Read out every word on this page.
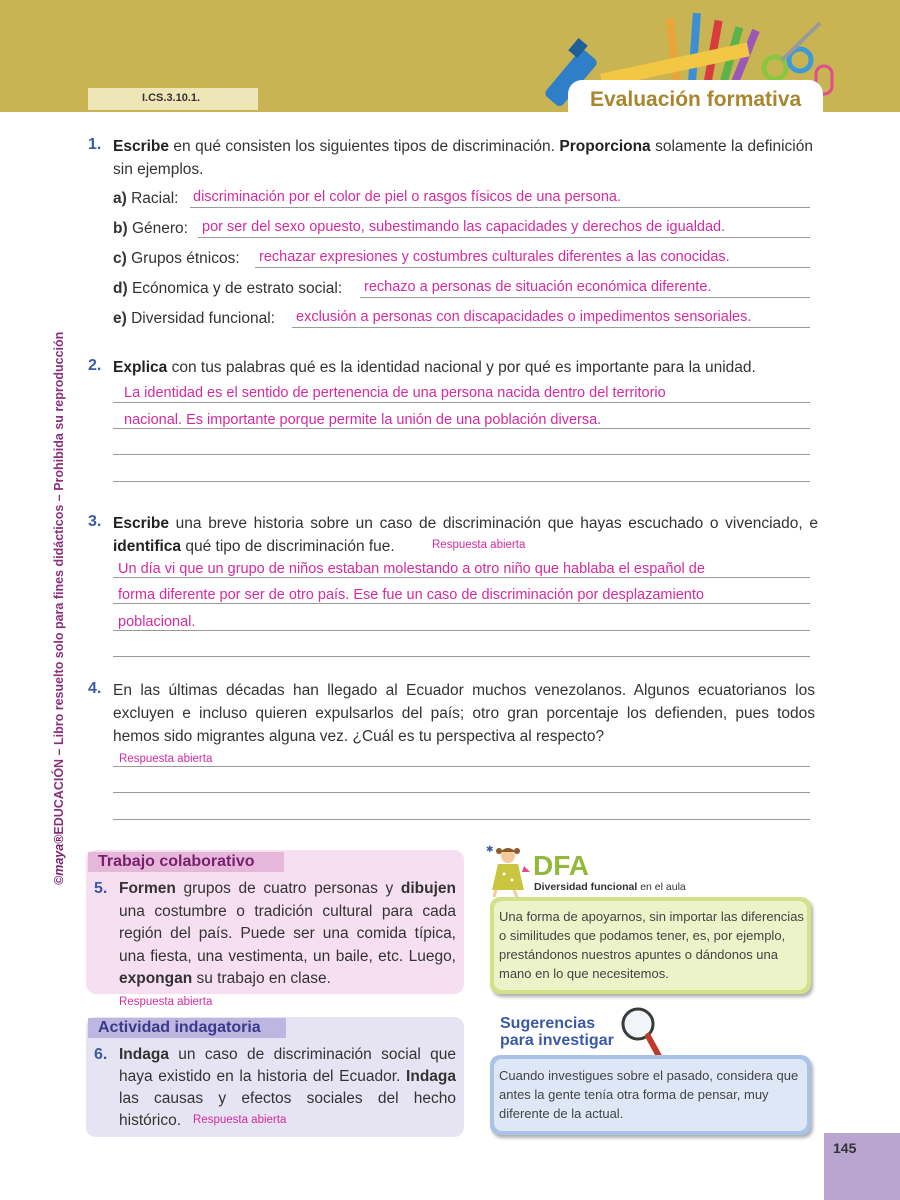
I.CS.3.10.1.	Evaluación formativa
©maya®EDUCACIÓN – Libro resuelto solo para fines didácticos – Prohibida su reproducción
1. Escribe en qué consisten los siguientes tipos de discriminación. Proporciona solamente la definición sin ejemplos.
a) Racial: discriminación por el color de piel o rasgos físicos de una persona.
b) Género: por ser del sexo opuesto, subestimando las capacidades y derechos de igualdad.
c) Grupos étnicos: rechazar expresiones y costumbres culturales diferentes a las conocidas.
d) Ecónomica y de estrato social: rechazo a personas de situación económica diferente.
e) Diversidad funcional: exclusión a personas con discapacidades o impedimentos sensoriales.
2. Explica con tus palabras qué es la identidad nacional y por qué es importante para la unidad.
La identidad es el sentido de pertenencia de una persona nacida dentro del territorio
nacional. Es importante porque permite la unión de una población diversa.
3. Escribe una breve historia sobre un caso de discriminación que hayas escuchado o vivenciado, e identifica qué tipo de discriminación fue.	Respuesta abierta
Un día vi que un grupo de niños estaban molestando a otro niño que hablaba el español de
forma diferente por ser de otro país. Ese fue un caso de discriminación por desplazamiento
poblacional.
4. En las últimas décadas han llegado al Ecuador muchos venezolanos. Algunos ecuatorianos los excluyen e incluso quieren expulsarlos del país; otro gran porcentaje los defienden, pues todos hemos sido migrantes alguna vez. ¿Cuál es tu perspectiva al respecto?
Respuesta abierta
Trabajo colaborativo
5. Formen grupos de cuatro personas y dibujen una costumbre o tradición cultural para cada región del país. Puede ser una comida típica, una fiesta, una vestimenta, un baile, etc. Luego, expongan su trabajo en clase.
Respuesta abierta
Actividad indagatoria
6. Indaga un caso de discriminación social que haya existido en la historia del Ecuador. Indaga las causas y efectos sociales del hecho histórico.	Respuesta abierta
✱ DFA
Diversidad funcional en el aula
Una forma de apoyarnos, sin importar las diferencias o similitudes que podamos tener, es, por ejemplo, prestándonos nuestros apuntes o dándonos una mano en lo que necesitemos.
Sugerencias
para investigar
Cuando investigues sobre el pasado, considera que antes la gente tenía otra forma de pensar, muy diferente de la actual.
145
